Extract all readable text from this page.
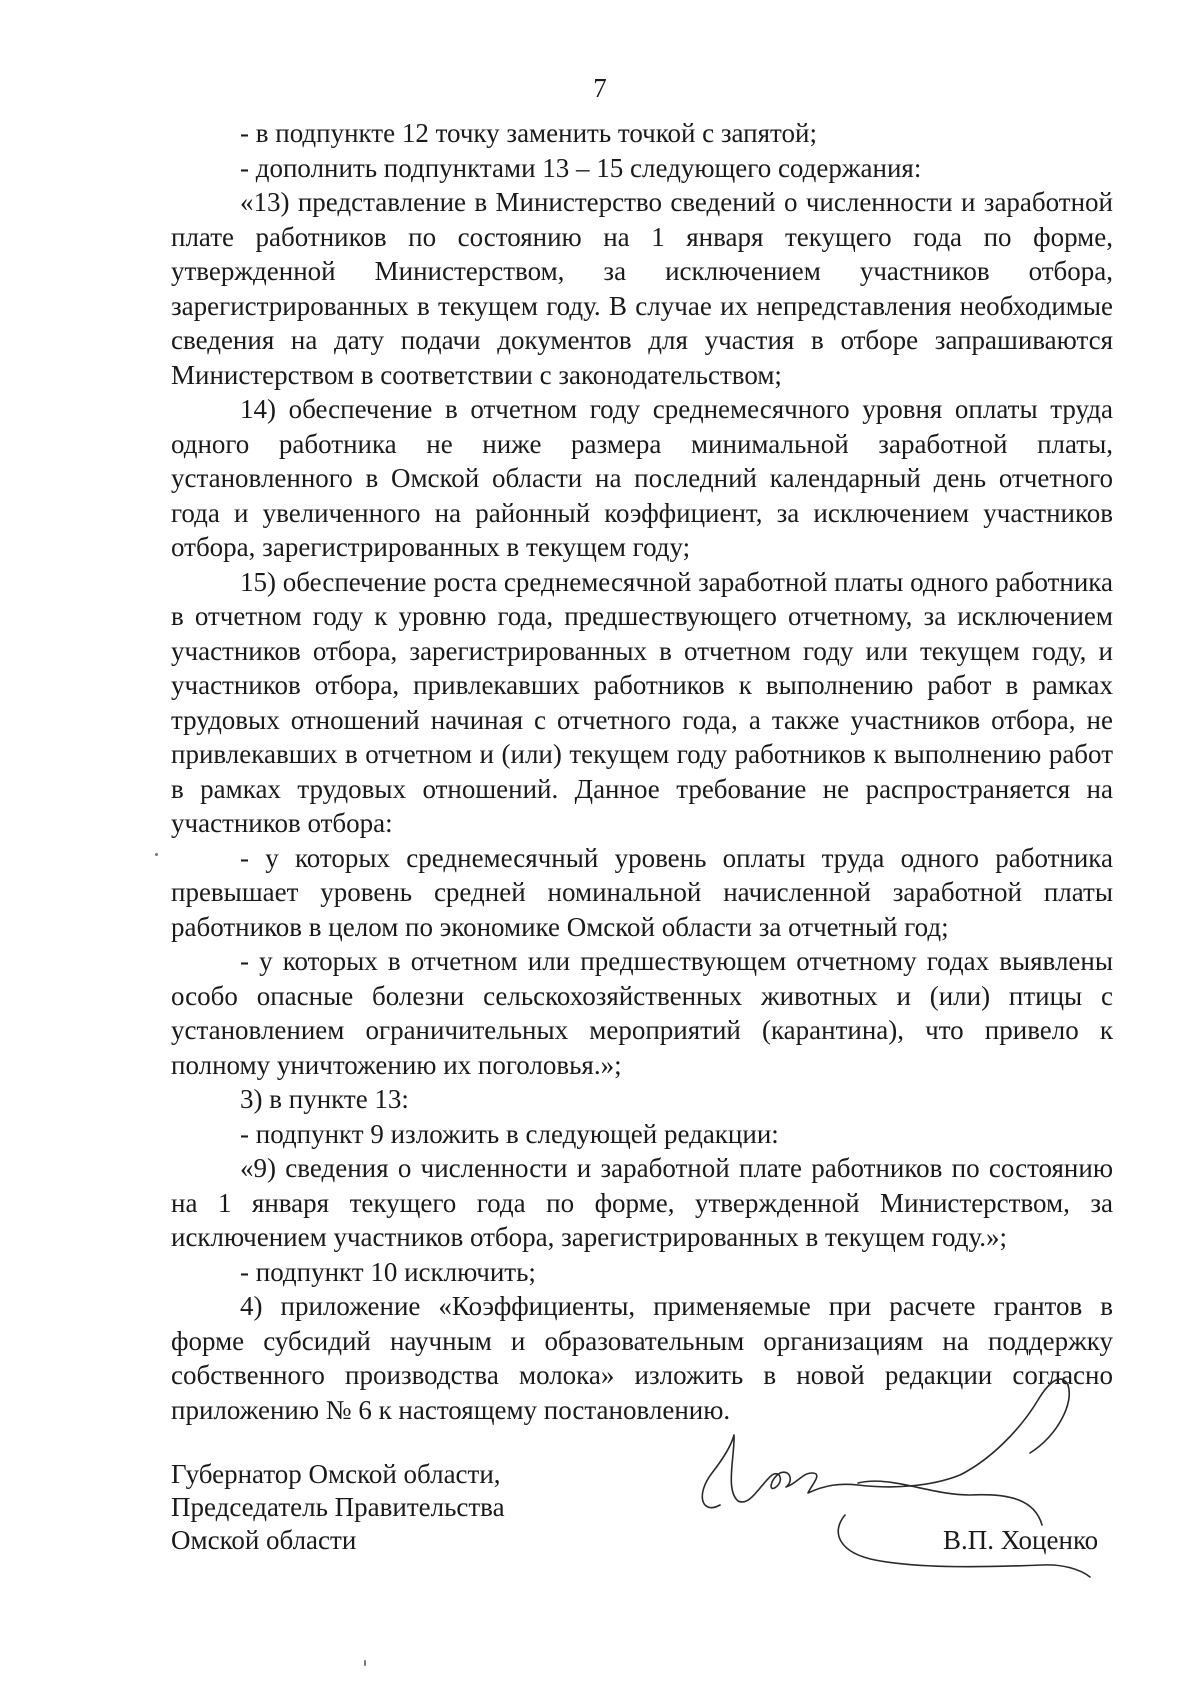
7

- в подпункте 12 точку заменить точкой с запятой;

- дополнить подпунктами 13 – 15 следующего содержания:

«13) представление в Министерство сведений о численности и заработной плате работников по состоянию на 1 января текущего года по форме, утвержденной Министерством, за исключением участников отбора, зарегистрированных в текущем году. В случае их непредставления необходимые сведения на дату подачи документов для участия в отборе запрашиваются Министерством в соответствии с законодательством;

14) обеспечение в отчетном году среднемесячного уровня оплаты труда одного работника не ниже размера минимальной заработной платы, установленного в Омской области на последний календарный день отчетного года и увеличенного на районный коэффициент, за исключением участников отбора, зарегистрированных в текущем году;

15) обеспечение роста среднемесячной заработной платы одного работника в отчетном году к уровню года, предшествующего отчетному, за исключением участников отбора, зарегистрированных в отчетном году или текущем году, и участников отбора, привлекавших работников к выполнению работ в рамках трудовых отношений начиная с отчетного года, а также участников отбора, не привлекавших в отчетном и (или) текущем году работников к выполнению работ в рамках трудовых отношений. Данное требование не распространяется на участников отбора:

- у которых среднемесячный уровень оплаты труда одного работника превышает уровень средней номинальной начисленной заработной платы работников в целом по экономике Омской области за отчетный год;

- у которых в отчетном или предшествующем отчетному годах выявлены особо опасные болезни сельскохозяйственных животных и (или) птицы с установлением ограничительных мероприятий (карантина), что привело к полному уничтожению их поголовья.»;

3) в пункте 13:

- подпункт 9 изложить в следующей редакции:

«9) сведения о численности и заработной плате работников по состоянию на 1 января текущего года по форме, утвержденной Министерством, за исключением участников отбора, зарегистрированных в текущем году.»;

- подпункт 10 исключить;

4) приложение «Коэффициенты, применяемые при расчете грантов в форме субсидий научным и образовательным организациям на поддержку собственного производства молока» изложить в новой редакции согласно приложению № 6 к настоящему постановлению.

Губернатор Омской области,
Председатель Правительства
Омской области	В.П. Хоценко
